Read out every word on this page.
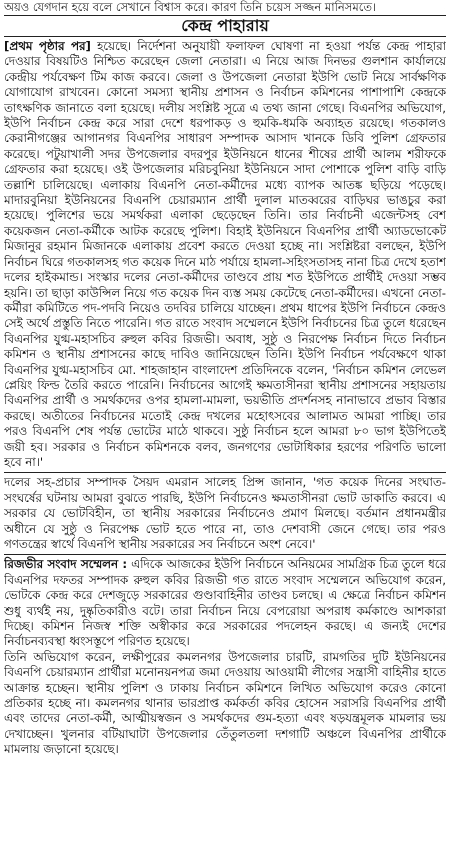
অয়ও যেগদান হয়ে বলে সেখানে বিশ্বাস করে। কারণ তিনি চয়েস সজ্জন মানিসমতে।
কেন্দ্র পাহারায়

[প্রথম পৃষ্ঠার পর] হয়েছে। নির্দেশনা অনুযায়ী ফলাফল ঘোষণা না হওয়া পর্যন্ত কেন্দ্র পাহারা দেওয়ার বিষয়টিও নিশ্চিত করেছেন জেলা নেতারা। এ নিয়ে আজ দিনভর গুলশান কার্যালয়ে কেন্দ্রীয় পর্যবেক্ষণ টিম কাজ করবে। জেলা ও উপজেলা নেতারা ইউপি ভোট নিয়ে সার্বক্ষণিক যোগাযোগ রাখবেন। কোনো সমস্যা স্থানীয় প্রশাসন ও নির্বাচন কমিশনের পাশাপাশি কেন্দ্রকে তাৎক্ষণিক জানাতে বলা হয়েছে। দলীয় সংশ্লিষ্ট সূত্রে এ তথ্য জানা গেছে। বিএনপির অভিযোগ, ইউপি নির্বাচন কেন্দ্র করে সারা দেশে ধরপাকড় ও হুমকি-ধমকি অব্যাহত রয়েছে। গতকালও কেরানীগঞ্জের আগানগর বিএনপির সাধারণ সম্পাদক আসাদ খানকে ডিবি পুলিশ গ্রেফতার করেছে। পটুয়াখালী সদর উপজেলার বদরপুর ইউনিয়নে ধানের শীষের প্রার্থী আলম শরীফকে গ্রেফতার করা হয়েছে। ওই উপজেলার মরিচবুনিয়া ইউনিয়নে সাদা পোশাকে পুলিশ বাড়ি বাড়ি তল্লাশি চালিয়েছে। এলাকায় বিএনপি নেতা-কর্মীদের মধ্যে ব্যাপক আতঙ্ক ছড়িয়ে পড়েছে। মাদারবুনিয়া ইউনিয়নের বিএনপি চেয়ারম্যান প্রার্থী দুলাল মাতব্বরের বাড়িঘর ভাঙচুর করা হয়েছে। পুলিশের ভয়ে সমর্থকরা এলাকা ছেড়েছেন তিনি। তার নির্বাচনী এজেন্টসহ বেশ কয়েকজন নেতা-কর্মীকে আটক করেছে পুলিশ। বিহাই ইউনিয়নে বিএনপির প্রার্থী অ্যাডভোকেট মিজানুর রহমান মিজানকে এলাকায় প্রবেশ করতে দেওয়া হচ্ছে না। সংশ্লিষ্টরা বলছেন, ইউপি নির্বাচন ঘিরে গতকালসহ গত কয়েক দিনে মাঠ পর্যায়ে হামলা-সহিংসতাসহ নানা চিত্র দেখে হতাশ দলের হাইকমান্ড। সংস্কার দলের নেতা-কর্মীদের তাণ্ডবে প্রায় শত ইউপিতে প্রার্থীই দেওয়া সম্ভব হয়নি। তা ছাড়া কাউন্সিল নিয়ে গত কয়েক দিন ব্যস্ত সময় কেটেছে নেতা-কর্মীদের। এখনো নেতা-কর্মীরা কমিটিতে পদ-পদবি নিয়েও তদবির চালিয়ে যাচ্ছেন। প্রথম ধাপের ইউপি নির্বাচনে কেন্দ্রও সেই অর্থে প্রস্তুতি নিতে পারেনি। গত রাতে সংবাদ সম্মেলনে ইউপি নির্বাচনের চিত্র তুলে ধরেছেন বিএনপির যুগ্ম-মহাসচিব রুহুল কবির রিজভী। অবাধ, সুষ্ঠু ও নিরপেক্ষ নির্বাচন দিতে নির্বাচন কমিশন ও স্থানীয় প্রশাসনের কাছে দাবিও জানিয়েছেন তিনি। ইউপি নির্বাচন পর্যবেক্ষণে থাকা বিএনপির যুগ্ম-মহাসচিব মো. শাহজাহান বাংলাদেশ প্রতিদিনকে বলেন, 'নির্বাচন কমিশন লেভেল প্লেয়িং ফিল্ড তৈরি করতে পারেনি। নির্বাচনের আগেই ক্ষমতাসীনরা স্থানীয় প্রশাসনের সহায়তায় বিএনপির প্রার্থী ও সমর্থকদের ওপর হামলা-মামলা, ভয়ভীতি প্রদর্শনসহ নানাভাবে প্রভাব বিস্তার করছে। অতীতের নির্বাচনের মতোই কেন্দ্র দখলের মহোৎসবের আলামত আমরা পাচ্ছি। তার পরও বিএনপি শেষ পর্যন্ত ভোটের মাঠে থাকবে। সুষ্ঠু নির্বাচন হলে আমরা ৮০ ভাগ ইউপিতেই জয়ী হব। সরকার ও নির্বাচন কমিশনকে বলব, জনগণের ভোটাধিকার হরণের পরিণতি ভালো হবে না।'

দলের সহ-প্রচার সম্পাদক সৈয়দ এমরান সালেহ প্রিন্স জানান, 'গত কয়েক দিনের সংঘাত-সংঘর্ষের ঘটনায় আমরা বুঝতে পারছি, ইউপি নির্বাচনেও ক্ষমতাসীনরা ভোট ডাকাতি করবে। এ সরকার যে ভোটবিহীন, তা স্থানীয় সরকারের নির্বাচনেও প্রমাণ মিলছে। বর্তমান প্রধানমন্ত্রীর অধীনে যে সুষ্ঠু ও নিরপেক্ষ ভোট হতে পারে না, তাও দেশবাসী জেনে গেছে। তার পরও গণতন্ত্রের স্বার্থে বিএনপি স্থানীয় সরকারের সব নির্বাচনে অংশ নেবে।'

রিজভীর সংবাদ সম্মেলন : এদিকে আজকের ইউপি নির্বাচনে অনিয়মের সামগ্রিক চিত্র তুলে ধরে বিএনপির দফতর সম্পাদক রুহুল কবির রিজভী গত রাতে সংবাদ সম্মেলনে অভিযোগ করেন, ভোটকে কেন্দ্র করে দেশজুড়ে সরকারের গুণ্ডাবাহিনীর তাণ্ডব চলছে। এ ক্ষেত্রে নির্বাচন কমিশন শুধু ব্যর্থই নয়, দুষ্কৃতিকারীও বটে। তারা নির্বাচন নিয়ে বেপরোয়া অপরাধ কর্মকাণ্ডে আশকারা দিচ্ছে। কমিশন নিজস্ব শক্তি অস্বীকার করে সরকারের পদলেহন করছে। এ জন্যই দেশের নির্বাচনব্যবস্থা ধ্বংসস্তূপে পরিণত হয়েছে।

তিনি অভিযোগ করেন, লক্ষীপুরের কমলনগর উপজেলার চারটি, রামগতির দুটি ইউনিয়নের বিএনপি চেয়ারম্যান প্রার্থীরা মনোনয়নপত্র জমা দেওয়ায় আওয়ামী লীগের সন্ত্রাসী বাহিনীর হাতে আক্রান্ত হচ্ছেন। স্থানীয় পুলিশ ও ঢাকায় নির্বাচন কমিশনে লিখিত অভিযোগ করেও কোনো প্রতিকার হচ্ছে না। কমলনগর থানার ভারপ্রাপ্ত কর্মকর্তা কবির হোসেন সরাসরি বিএনপির প্রার্থী এবং তাদের নেতা-কর্মী, আত্মীয়স্বজন ও সমর্থকদের গুম-হত্যা এবং ষড়যন্ত্রমূলক মামলার ভয় দেখাচ্ছেন। খুলনার বটিয়াঘাটা উপজেলার তেঁতুলতলা দশগাটি অঞ্চলে বিএনপির প্রার্থীকে মামলায় জড়ানো হয়েছে।
